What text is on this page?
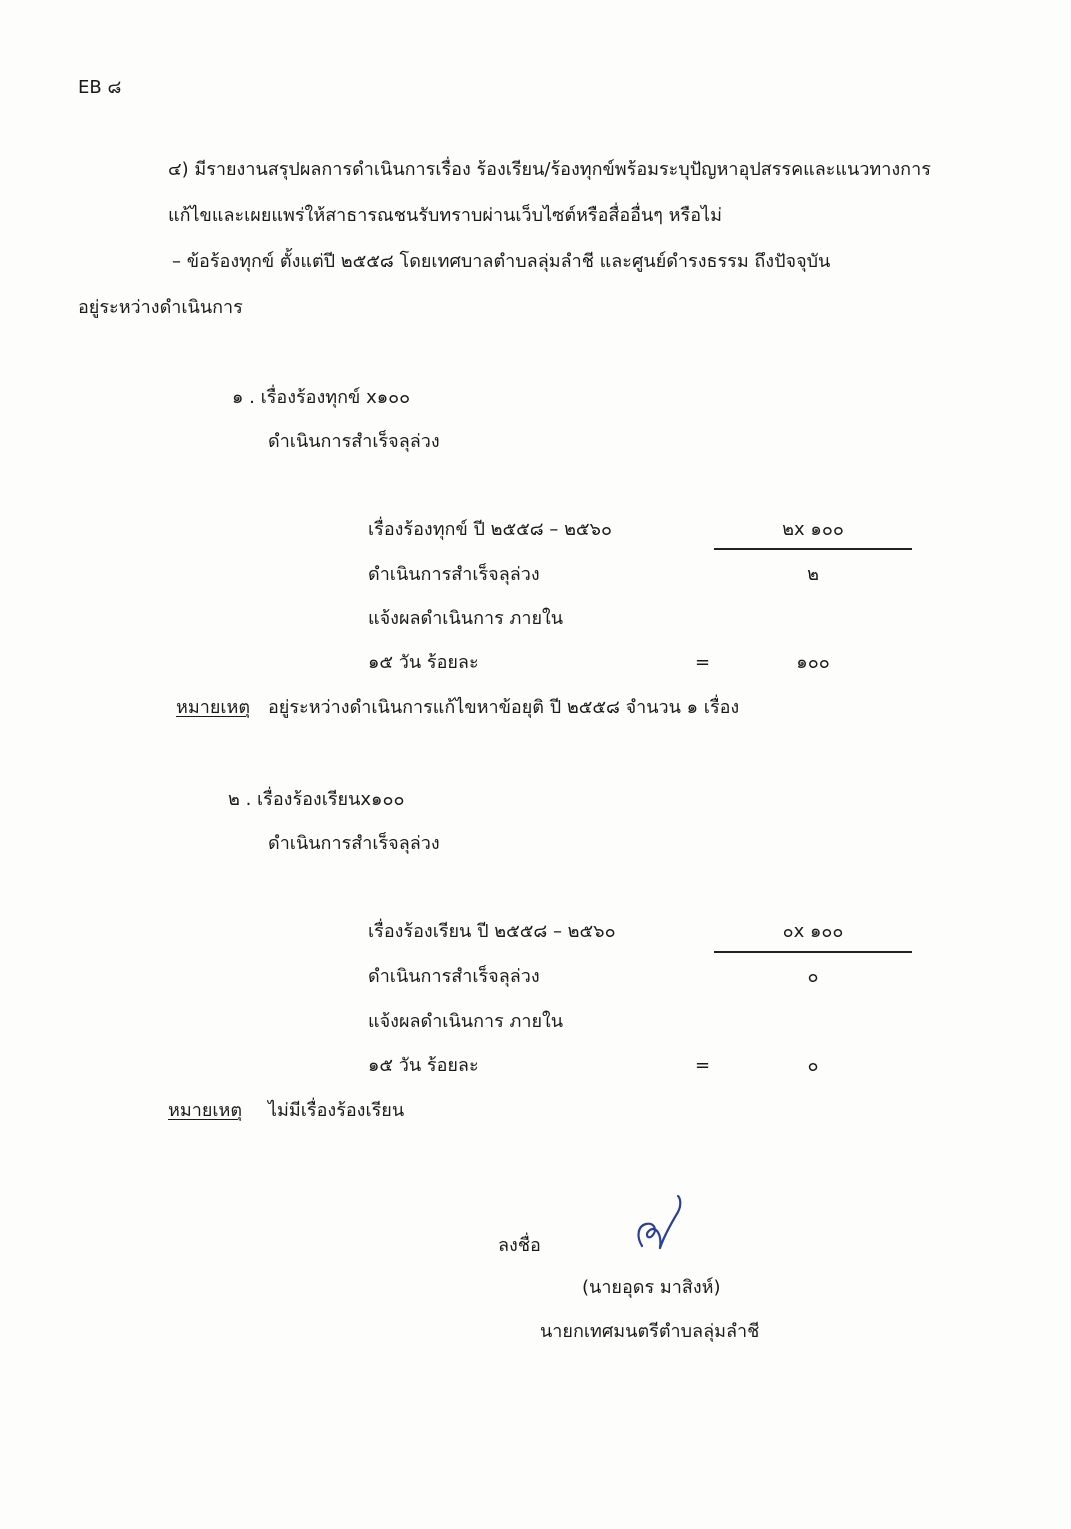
EB ๘
๔) มีรายงานสรุปผลการดำเนินการเรื่อง ร้องเรียน/ร้องทุกข์พร้อมระบุปัญหาอุปสรรคและแนวทางการ
แก้ไขและเผยแพร่ให้สาธารณชนรับทราบผ่านเว็บไซต์หรือสื่ออื่นๆ หรือไม่
– ข้อร้องทุกข์ ตั้งแต่ปี ๒๕๕๘ โดยเทศบาลตำบลลุ่มลำชี และศูนย์ดำรงธรรม ถึงปัจจุบัน
อยู่ระหว่างดำเนินการ
๑ . เรื่องร้องทุกข์ x๑๐๐
ดำเนินการสำเร็จลุล่วง
เรื่องร้องทุกข์ ปี ๒๕๕๘ – ๒๕๖๐	๒x ๑๐๐
ดำเนินการสำเร็จลุล่วง	๒
แจ้งผลดำเนินการ ภายใน
๑๕ วัน ร้อยละ	=	๑๐๐
หมายเหตุ อยู่ระหว่างดำเนินการแก้ไขหาข้อยุติ ปี ๒๕๕๘ จำนวน ๑ เรื่อง
๒ . เรื่องร้องเรียนx๑๐๐
ดำเนินการสำเร็จลุล่วง
เรื่องร้องเรียน ปี ๒๕๕๘ – ๒๕๖๐	๐x ๑๐๐
ดำเนินการสำเร็จลุล่วง	๐
แจ้งผลดำเนินการ ภายใน
๑๕ วัน ร้อยละ	=	๐
หมายเหตุ ไม่มีเรื่องร้องเรียน
ลงชื่อ
(นายอุดร มาสิงห์)
นายกเทศมนตรีตำบลลุ่มลำชี
